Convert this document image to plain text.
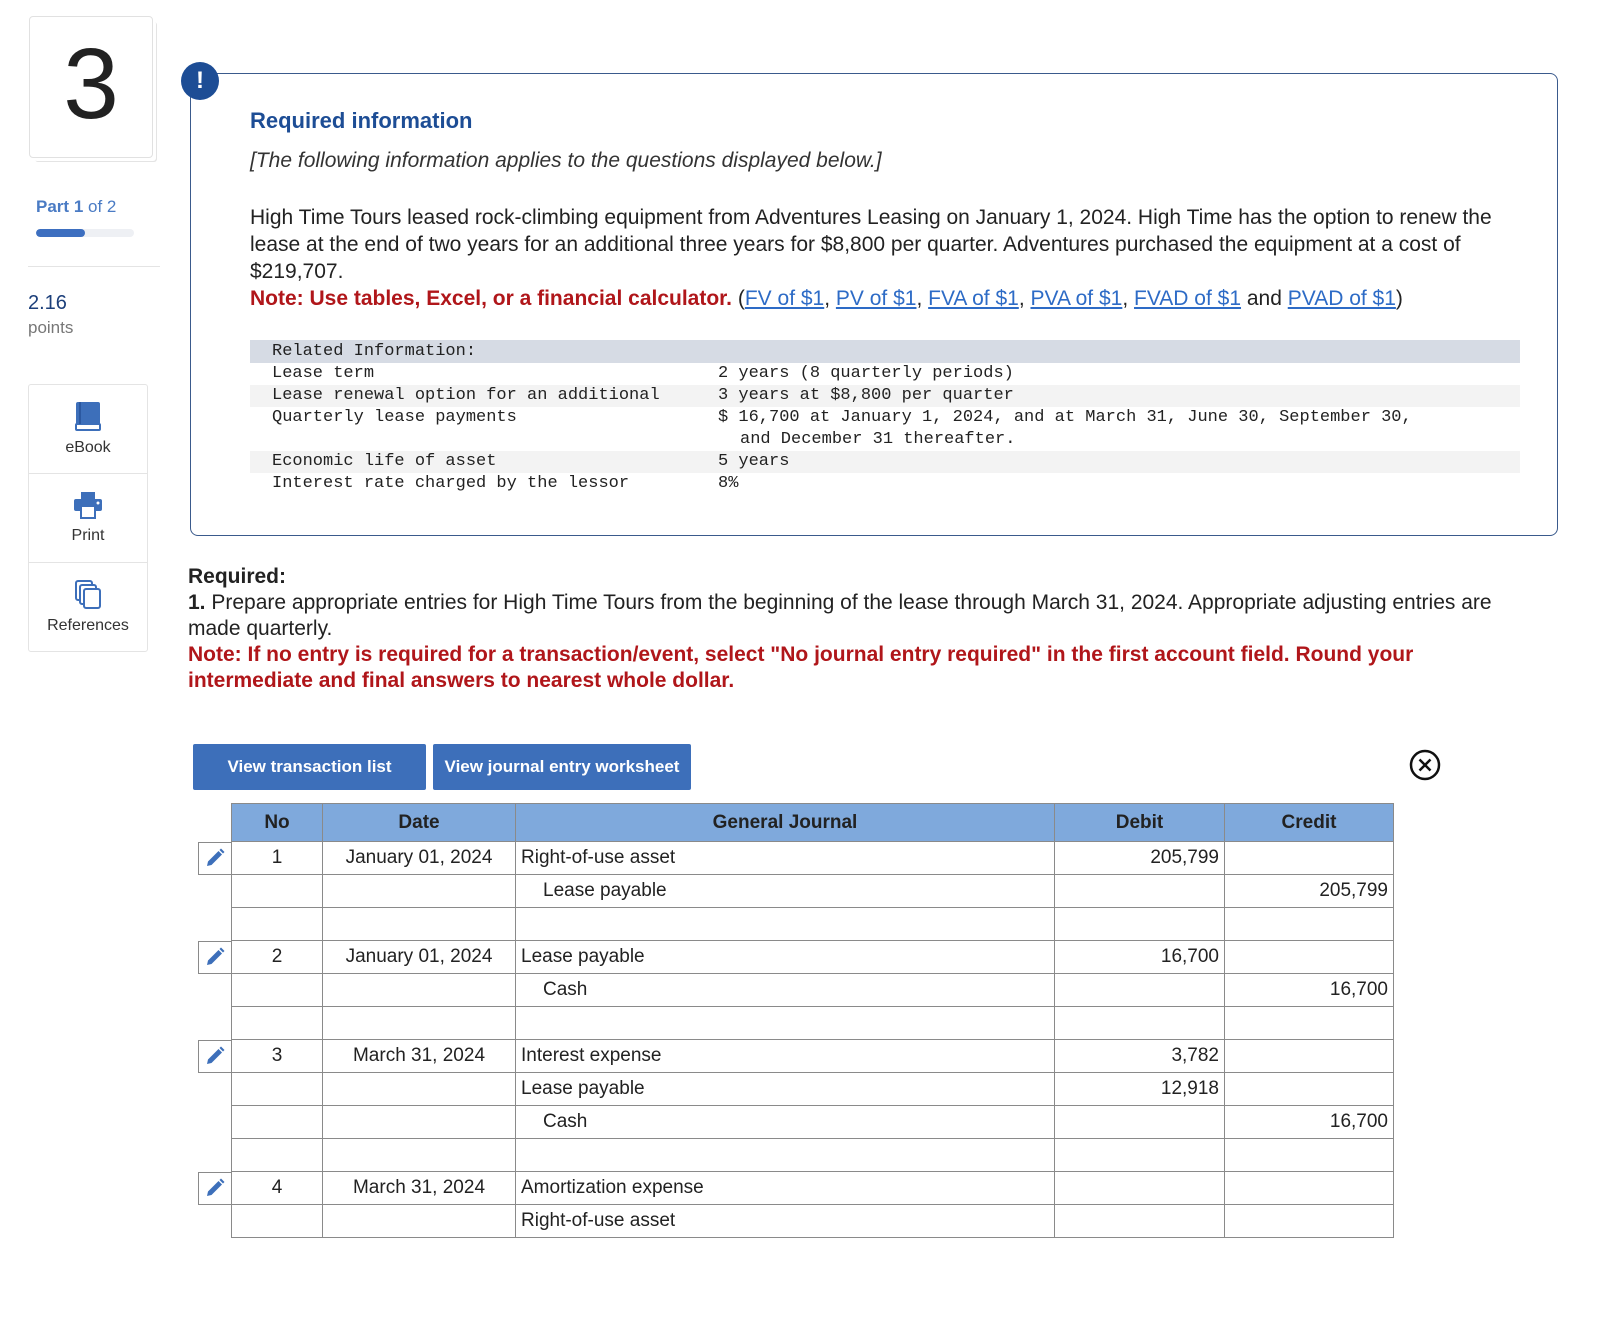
3
Part 1 of 2
2.16
points
eBook
Print
References
!
Required information
[The following information applies to the questions displayed below.]
High Time Tours leased rock-climbing equipment from Adventures Leasing on January 1, 2024. High Time has the option to renew the lease at the end of two years for an additional three years for $8,800 per quarter. Adventures purchased the equipment at a cost of $219,707.
Note: Use tables, Excel, or a financial calculator. (FV of $1, PV of $1, FVA of $1, PVA of $1, FVAD of $1 and PVAD of $1)
Related Information:
Lease term	2 years (8 quarterly periods)
Lease renewal option for an additional	3 years at $8,800 per quarter
Quarterly lease payments	$ 16,700 at January 1, 2024, and at March 31, June 30, September 30,
and December 31 thereafter.
Economic life of asset	5 years
Interest rate charged by the lessor	8%
Required:
1. Prepare appropriate entries for High Time Tours from the beginning of the lease through March 31, 2024. Appropriate adjusting entries are made quarterly.
Note: If no entry is required for a transaction/event, select "No journal entry required" in the first account field. Round your intermediate and final answers to nearest whole dollar.
View transaction list	View journal entry worksheet
No	Date	General Journal	Debit	Credit
1	January 01, 2024	Right-of-use asset	205,799	
		Lease payable		205,799

2	January 01, 2024	Lease payable	16,700	
		Cash		16,700

3	March 31, 2024	Interest expense	3,782	
		Lease payable	12,918	
		Cash		16,700

4	March 31, 2024	Amortization expense		
		Right-of-use asset		
